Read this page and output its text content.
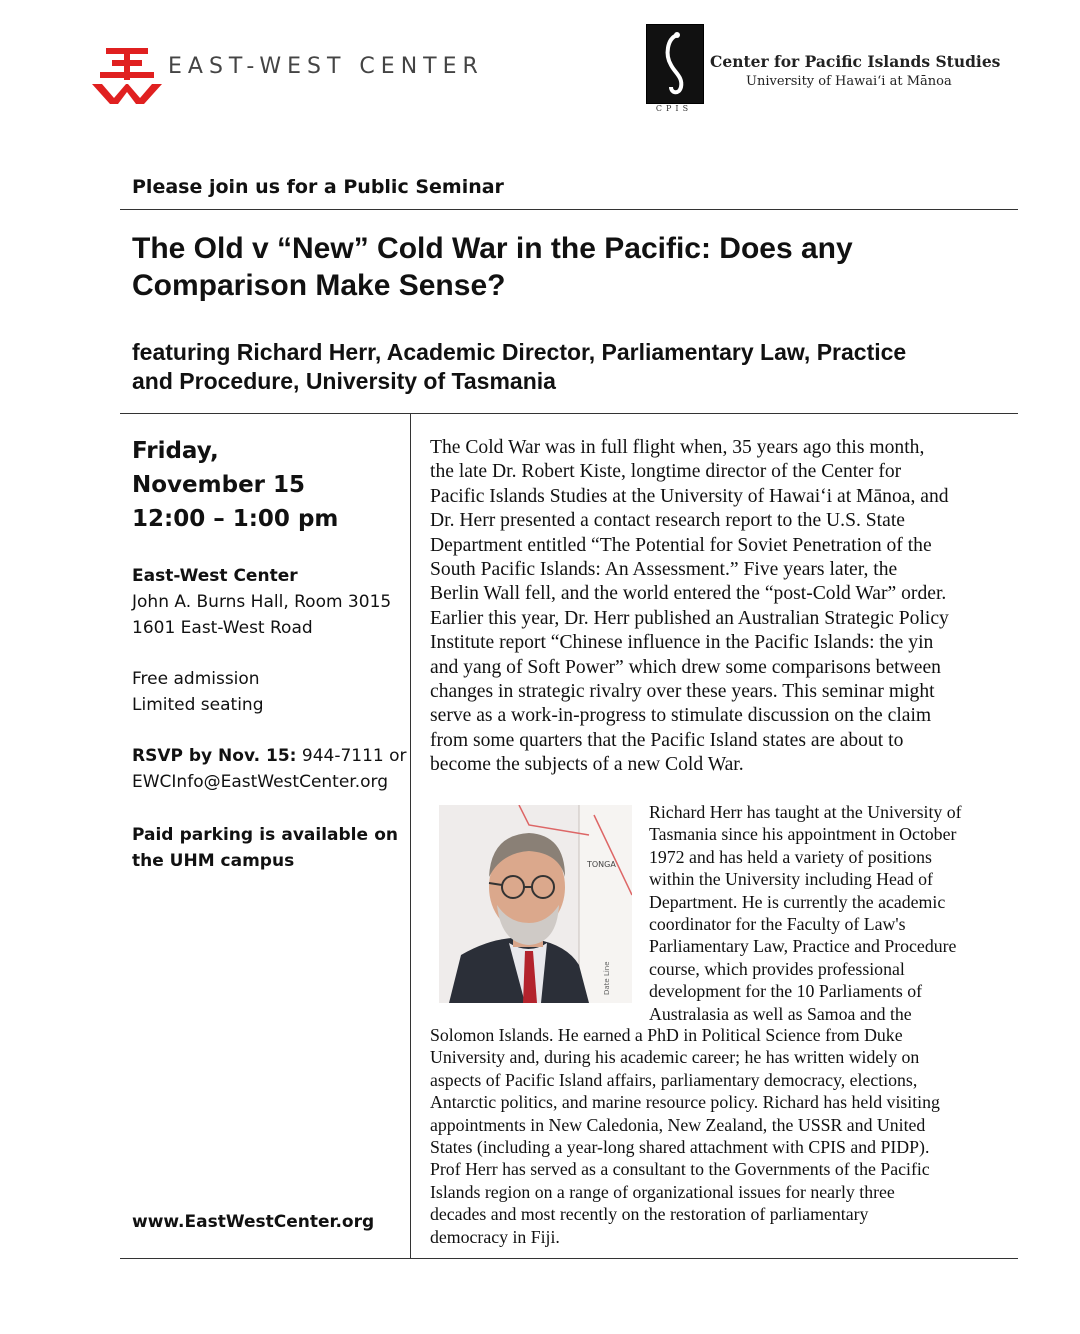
EAST-WEST CENTER
CPIS
Center for Pacific Islands Studies
University of Hawai‘i at Mānoa
Please join us for a Public Seminar
The Old v “New” Cold War in the Pacific: Does any
Comparison Make Sense?
featuring Richard Herr, Academic Director, Parliamentary Law, Practice
and Procedure, University of Tasmania
Friday,
November 15
12:00 – 1:00 pm
East-West Center
John A. Burns Hall, Room 3015
1601 East-West Road
Free admission
Limited seating
RSVP by Nov. 15: 944-7111 or
EWCInfo@EastWestCenter.org
Paid parking is available on the UHM campus
www.EastWestCenter.org
The Cold War was in full flight when, 35 years ago this month,
the late Dr. Robert Kiste, longtime director of the Center for
Pacific Islands Studies at the University of Hawai‘i at Mānoa, and
Dr. Herr presented a contact research report to the U.S. State
Department entitled “The Potential for Soviet Penetration of the
South Pacific Islands: An Assessment.” Five years later, the
Berlin Wall fell, and the world entered the “post-Cold War” order.
Earlier this year, Dr. Herr published an Australian Strategic Policy
Institute report “Chinese influence in the Pacific Islands: the yin
and yang of Soft Power” which drew some comparisons between
changes in strategic rivalry over these years. This seminar might
serve as a work-in-progress to stimulate discussion on the claim
from some quarters that the Pacific Island states are about to
become the subjects of a new Cold War.
TONGA
Date Line
Richard Herr has taught at the University of
Tasmania since his appointment in October
1972 and has held a variety of positions
within the University including Head of
Department. He is currently the academic
coordinator for the Faculty of Law's
Parliamentary Law, Practice and Procedure
course, which provides professional
development for the 10 Parliaments of
Australasia as well as Samoa and the
Solomon Islands. He earned a PhD in Political Science from Duke
University and, during his academic career; he has written widely on
aspects of Pacific Island affairs, parliamentary democracy, elections,
Antarctic politics, and marine resource policy. Richard has held visiting
appointments in New Caledonia, New Zealand, the USSR and United
States (including a year-long shared attachment with CPIS and PIDP).
Prof Herr has served as a consultant to the Governments of the Pacific
Islands region on a range of organizational issues for nearly three
decades and most recently on the restoration of parliamentary
democracy in Fiji.
